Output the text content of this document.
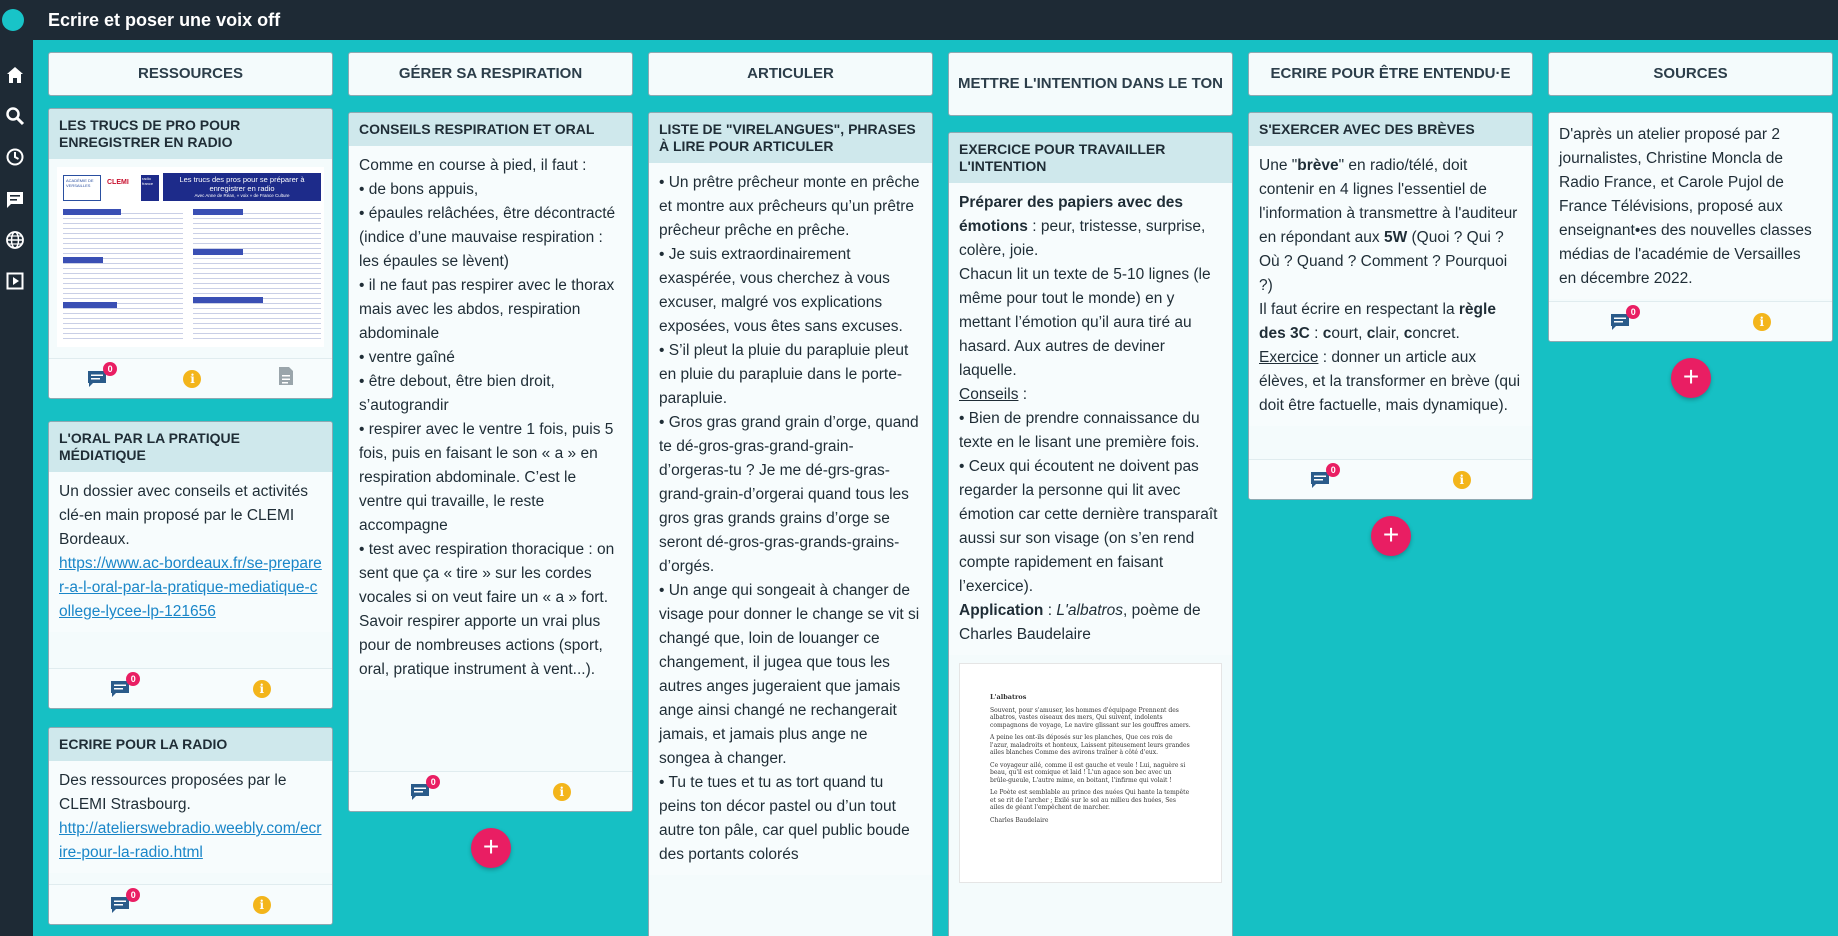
Ecrire et poser une voix off
RESSOURCES
LES TRUCS DE PRO POUR ENREGISTRER EN RADIO
ACADÉMIE DE VERSAILLES	CLEMI
radio france	Les trucs des pros pour se préparer à enregistrer en radio
Avec Anne de Réan, « voix » de France Culture
0
i
L'ORAL PAR LA PRATIQUE MÉDIATIQUE

Un dossier avec conseils et activités clé-en main proposé par le CLEMI Bordeaux.

https://www.ac-bordeaux.fr/se-preparer-a-l-oral-par-la-pratique-mediatique-college-lycee-lp-121656
0
i
ECRIRE POUR LA RADIO

Des ressources proposées par le CLEMI Strasbourg.

http://atelierswebradio.weebly.com/ecrire-pour-la-radio.html
0
i
GÉRER SA RESPIRATION
CONSEILS RESPIRATION ET ORAL

Comme en course à pied, il faut :

• de bons appuis,

• épaules relâchées, être décontracté (indice d’une mauvaise respiration : les épaules se lèvent)

• il ne faut pas respirer avec le thorax mais avec les abdos, respiration abdominale

• ventre gaîné

• être debout, être bien droit, s’autograndir

• respirer avec le ventre 1 fois, puis 5 fois, puis en faisant le son « a » en respiration abdominale. C’est le ventre qui travaille, le reste accompagne

• test avec respiration thoracique : on sent que ça « tire » sur les cordes vocales si on veut faire un « a » fort. Savoir respirer apporte un vrai plus pour de nombreuses actions (sport, oral, pratique instrument à vent...).

0
i
+
ARTICULER
LISTE DE "VIRELANGUES", PHRASES À LIRE POUR ARTICULER

• Un prêtre prêcheur monte en prêche et montre aux prêcheurs qu’un prêtre prêcheur prêche en prêche.

• Je suis extraordinairement exaspérée, vous cherchez à vous excuser, malgré vos explications exposées, vous êtes sans excuses.

• S’il pleut la pluie du parapluie pleut en pluie du parapluie dans le porte-parapluie.

• Gros gras grand grain d’orge, quand te dé-gros-gras-grand-grain-d’orgeras-tu ? Je me dé-grs-gras-grand-grain-d’orgerai quand tous les gros gras grands grains d’orge se seront dé-gros-gras-grands-grains-d’orgés.

• Un ange qui songeait à changer de visage pour donner le change se vit si changé que, loin de louanger ce changement, il jugea que tous les autres anges jugeraient que jamais ange ainsi changé ne rechangerait jamais, et jamais plus ange ne songea à changer.

• Tu te tues et tu as tort quand tu peins ton décor pastel ou d’un tout autre ton pâle, car quel public boude des portants colorés

METTRE L'INTENTION DANS LE TON
EXERCICE POUR TRAVAILLER L'INTENTION

Préparer des papiers avec des émotions : peur, tristesse, surprise, colère, joie.

Chacun lit un texte de 5-10 lignes (le même pour tout le monde) en y mettant l’émotion qu’il aura tiré au hasard. Aux autres de deviner laquelle.

Conseils :

• Bien de prendre connaissance du texte en le lisant une première fois.

• Ceux qui écoutent ne doivent pas regarder la personne qui lit avec émotion car cette dernière transparaît aussi sur son visage (on s’en rend compte rapidement en faisant l’exercice).

Application : L'albatros, poème de Charles Baudelaire

L'albatros
Souvent, pour s'amuser, les hommes d'équipage Prennent des albatros, vastes oiseaux des mers, Qui suivent, indolents compagnons de voyage, Le navire glissant sur les gouffres amers.
A peine les ont-ils déposés sur les planches, Que ces rois de l'azur, maladroits et honteux, Laissent piteusement leurs grandes ailes blanches Comme des avirons traîner à côté d'eux.
Ce voyageur ailé, comme il est gauche et veule ! Lui, naguère si beau, qu'il est comique et laid ! L'un agace son bec avec un brûle-gueule, L'autre mime, en boitant, l'infirme qui volait !
Le Poète est semblable au prince des nuées Qui hante la tempête et se rit de l'archer ; Exilé sur le sol au milieu des huées, Ses ailes de géant l'empêchent de marcher.
Charles Baudelaire
ECRIRE POUR ÊTRE ENTENDU·E
S'EXERCER AVEC DES BRÈVES

Une "brève" en radio/télé, doit contenir en 4 lignes l'essentiel de l'information à transmettre à l'auditeur en répondant aux 5W (Quoi ? Qui ? Où ? Quand ? Comment ? Pourquoi ?)

Il faut écrire en respectant la règle des 3C : court, clair, concret.

Exercice : donner un article aux élèves, et la transformer en brève (qui doit être factuelle, mais dynamique).

0
i
+
SOURCES

D'après un atelier proposé par 2 journalistes, Christine Moncla de Radio France, et Carole Pujol de France Télévisions, proposé aux enseignant•es des nouvelles classes médias de l'académie de Versailles en décembre 2022.

0
i
+
